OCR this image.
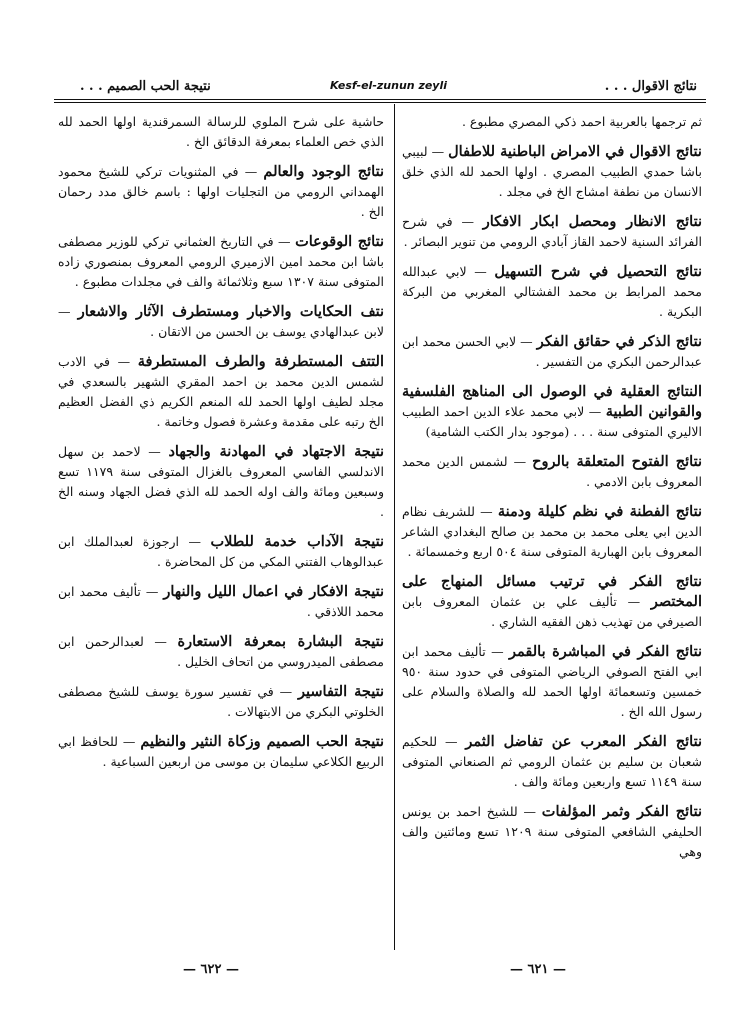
نتائج الاقوال . . .
Kesf-el-zunun zeyli
نتيجة الحب الصميم . . .
ثم ترجمها بالعربية احمد ذكي المصري مطبوع .
نتائج الاقوال في الامراض الباطنية للاطفال — لبيبي باشا حمدي الطبيب المصري . اولها الحمد لله الذي خلق الانسان من نطفة امشاج الخ في مجلد .
نتائج الانظار ومحصل ابكار الافكار — في شرح الفرائد السنية لاحمد القاز آبادي الرومي من تنوير البصائر .
نتائج التحصيل في شرح التسهيل — لابي عبدالله محمد المرابط بن محمد الفشتالي المغربي من البركة البكرية .
نتائج الذكر في حقائق الفكر — لابي الحسن محمد ابن عبدالرحمن البكري من التفسير .
النتائج العقلية في الوصول الى المناهج الفلسفية والقوانين الطبية — لابي محمد علاء الدين احمد الطبيب الاليري المتوفى سنة . . . (موجود بدار الكتب الشامية)
نتائج الفتوح المتعلقة بالروح — لشمس الدين محمد المعروف بابن الادمي .
نتائج الفطنة في نظم كليلة ودمنة — للشريف نظام الدين ابي يعلى محمد بن محمد بن صالح البغدادي الشاعر المعروف بابن الهبارية المتوفى سنة ٥٠٤ اربع وخمسمائة .
نتائج الفكر في ترتيب مسائل المنهاج على المختصر — تأليف علي بن عثمان المعروف بابن الصيرفي من تهذيب ذهن الفقيه الشاري .
نتائج الفكر في المباشرة بالقمر — تأليف محمد ابن ابي الفتح الصوفي الرياضي المتوفى في حدود سنة ٩٥٠ خمسين وتسعمائة اولها الحمد لله والصلاة والسلام على رسول الله الخ .
نتائج الفكر المعرب عن تفاضل الثمر — للحكيم شعبان بن سليم بن عثمان الرومي ثم الصنعاني المتوفى سنة ١١٤٩ تسع واربعين ومائة والف .
نتائج الفكر وثمر المؤلفات — للشيخ احمد بن يونس الحليفي الشافعي المتوفى سنة ١٢٠٩ تسع ومائتين والف وهي
حاشية على شرح الملوي للرسالة السمرقندية اولها الحمد لله الذي خص العلماء بمعرفة الدقائق الخ .
نتائج الوجود والعالم — في المثنويات تركي للشيخ محمود الهمداني الرومي من التجليات اولها : باسم خالق مدد رحمان الخ .
نتائج الوقوعات — في التاريخ العثماني تركي للوزير مصطفى باشا ابن محمد امين الازميري الرومي المعروف بمنصوري زاده المتوفى سنة ١٣٠٧ سبع وثلاثمائة والف في مجلدات مطبوع .
نتف الحكايات والاخبار ومستطرف الآثار والاشعار — لابن عبدالهادي يوسف بن الحسن من الاتقان .
التتف المستطرفة والطرف المستطرفة — في الادب لشمس الدين محمد بن احمد المقري الشهير بالسعدي في مجلد لطيف اولها الحمد لله المنعم الكريم ذي الفضل العظيم الخ رتبه على مقدمة وعشرة فصول وخاتمة .
نتيجة الاجتهاد في المهادنة والجهاد — لاحمد بن سهل الاندلسي الفاسي المعروف بالغزال المتوفى سنة ١١٧٩ تسع وسبعين ومائة والف اوله الحمد لله الذي فضل الجهاد وسنه الخ .
نتيجة الآداب خدمة للطلاب — ارجوزة لعبدالملك ابن عبدالوهاب الفتني المكي من كل المحاضرة .
نتيجة الافكار في اعمال الليل والنهار — تأليف محمد ابن محمد اللاذقي .
نتيجة البشارة بمعرفة الاستعارة — لعبدالرحمن ابن مصطفى الميدروسي من اتحاف الخليل .
نتيجة التفاسير — في تفسير سورة يوسف للشيخ مصطفى الخلوتي البكري من الابتهالات .
نتيجة الحب الصميم وزكاة النثير والنظيم — للحافظ ابي الربيع الكلاعي سليمان بن موسى من اربعين السباعية .
— ٦٢٢ —	— ٦٢١ —
